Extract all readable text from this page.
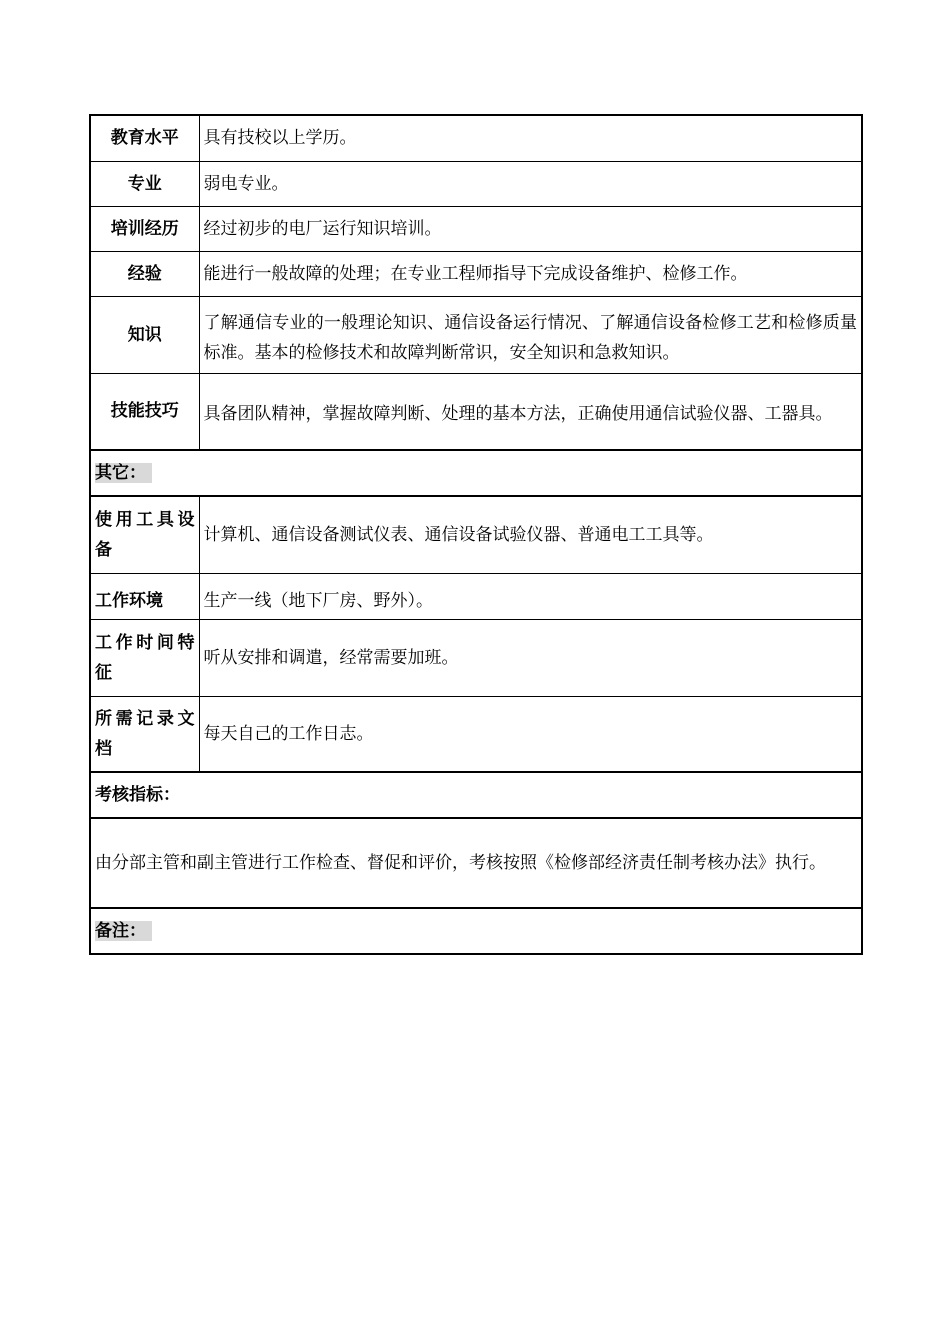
教育水平	具有技校以上学历。
专业	弱电专业。
培训经历	经过初步的电厂运行知识培训。
经验	能进行一般故障的处理；在专业工程师指导下完成设备维护、检修工作。
知识	了解通信专业的一般理论知识、通信设备运行情况、了解通信设备检修工艺和检修质量标准。基本的检修技术和故障判断常识，安全知识和急救知识。
技能技巧	具备团队精神，掌握故障判断、处理的基本方法，正确使用通信试验仪器、工器具。
其它：	
使用工具设
备	计算机、通信设备测试仪表、通信设备试验仪器、普通电工工具等。

工作环境	生产一线（地下厂房、野外）。
工作时间特
征	听从安排和调遣，经常需要加班。
所需记录文
档	每天自己的工作日志。
考核指标：	
由分部主管和副主管进行工作检查、督促和评价，考核按照《检修部经济责任制考核办法》执行。	
备注：	
